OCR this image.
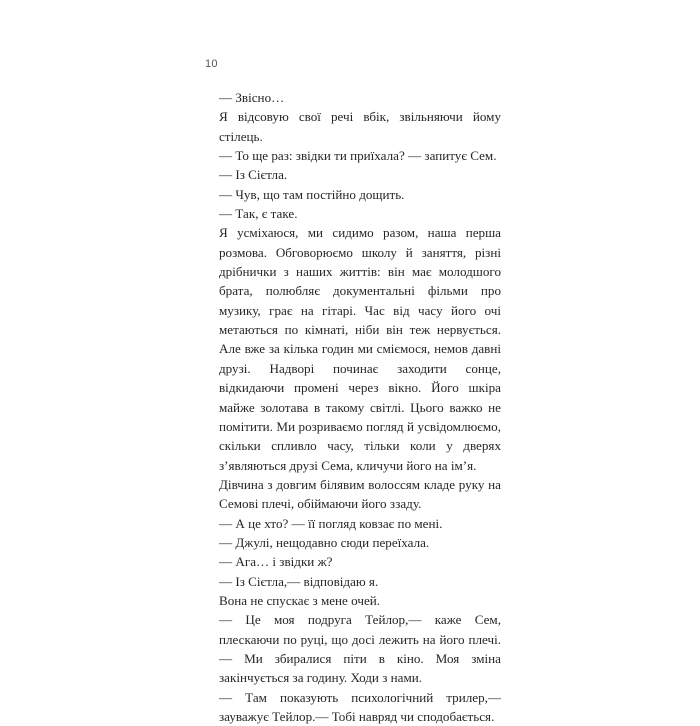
10

— Звісно…

Я відсовую свої речі вбік, звільняючи йому стілець.

— То ще раз: звідки ти приїхала? — запитує Сем.

— Із Сієтла.

— Чув, що там постійно дощить.

— Так, є таке.

Я усміхаюся, ми сидимо разом, наша перша розмова. Обговорюємо школу й заняття, різні дрібнички з наших життів: він має молодшого брата, полюбляє документальні фільми про музику, грає на гітарі. Час від часу його очі метаються по кімнаті, ніби він теж нервується. Але вже за кілька годин ми сміємося, немов давні друзі. Надворі починає заходити сонце, відкидаючи промені через вікно. Його шкіра майже золотава в такому світлі. Цього важко не помітити. Ми розриваємо погляд й усвідомлюємо, скільки спливло часу, тільки коли у дверях з’являються друзі Сема, кличучи його на ім’я.

Дівчина з довгим білявим волоссям кладе руку на Семові плечі, обіймаючи його ззаду.

— А це хто? — її погляд ковзає по мені.

— Джулі, нещодавно сюди переїхала.

— Ага… і звідки ж?

— Із Сієтла,— відповідаю я.

Вона не спускає з мене очей.

— Це моя подруга Тейлор,— каже Сем, плескаючи по руці, що досі лежить на його плечі. — Ми збиралися піти в кіно. Моя зміна закінчується за годину. Ходи з нами.

— Там показують психологічний трилер,— зауважує Тейлор.— Тобі навряд чи сподобається.
